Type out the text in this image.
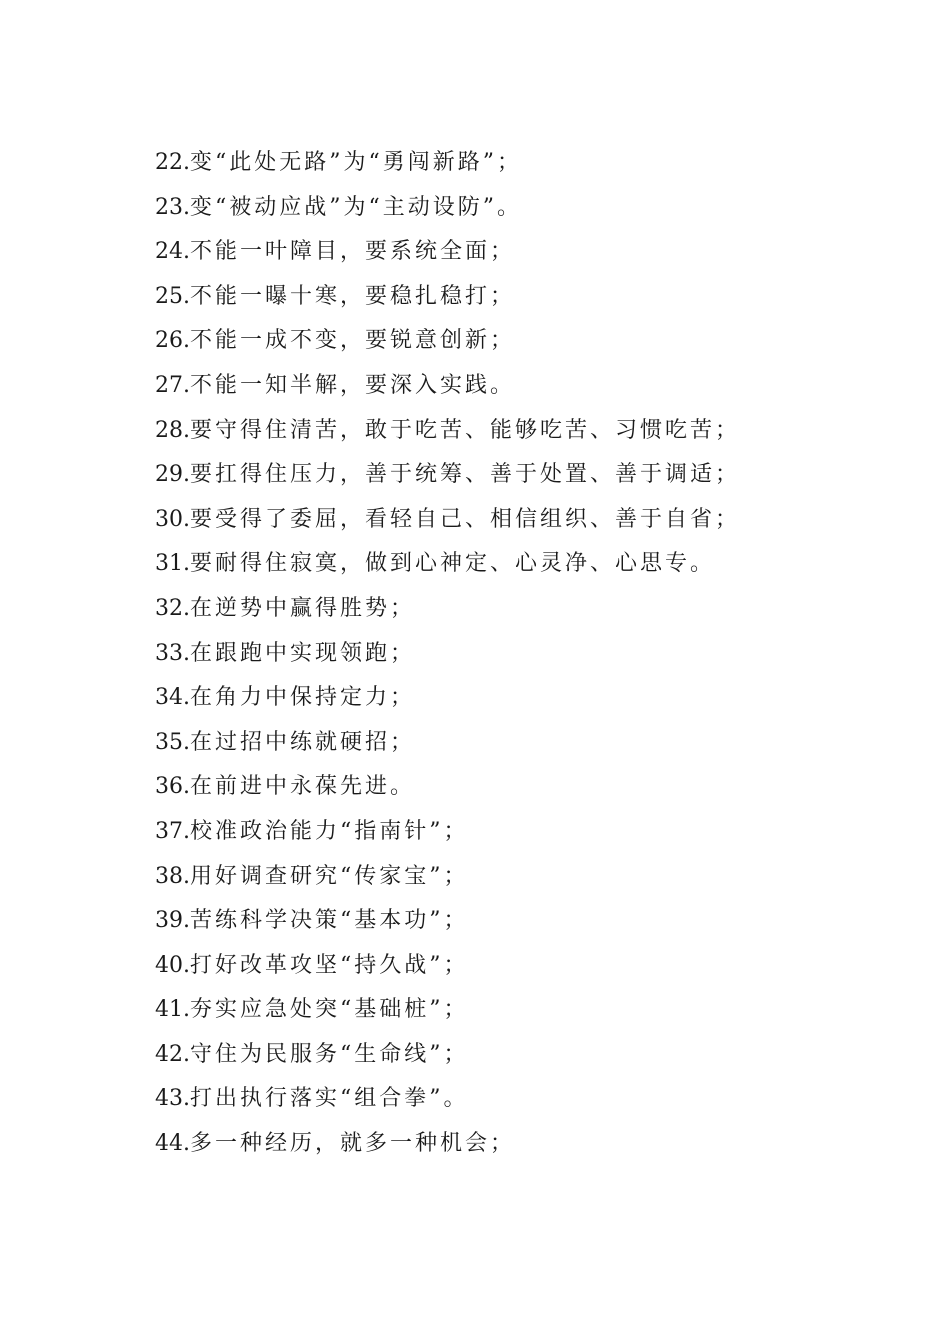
22.变“此处无路”为“勇闯新路”；
23.变“被动应战”为“主动设防”。
24.不能一叶障目，要系统全面；
25.不能一曝十寒，要稳扎稳打；
26.不能一成不变，要锐意创新；
27.不能一知半解，要深入实践。
28.要守得住清苦，敢于吃苦、能够吃苦、习惯吃苦；
29.要扛得住压力，善于统筹、善于处置、善于调适；
30.要受得了委屈，看轻自己、相信组织、善于自省；
31.要耐得住寂寞，做到心神定、心灵净、心思专。
32.在逆势中赢得胜势；
33.在跟跑中实现领跑；
34.在角力中保持定力；
35.在过招中练就硬招；
36.在前进中永葆先进。
37.校准政治能力“指南针”；
38.用好调查研究“传家宝”；
39.苦练科学决策“基本功”；
40.打好改革攻坚“持久战”；
41.夯实应急处突“基础桩”；
42.守住为民服务“生命线”；
43.打出执行落实“组合拳”。
44.多一种经历，就多一种机会；
